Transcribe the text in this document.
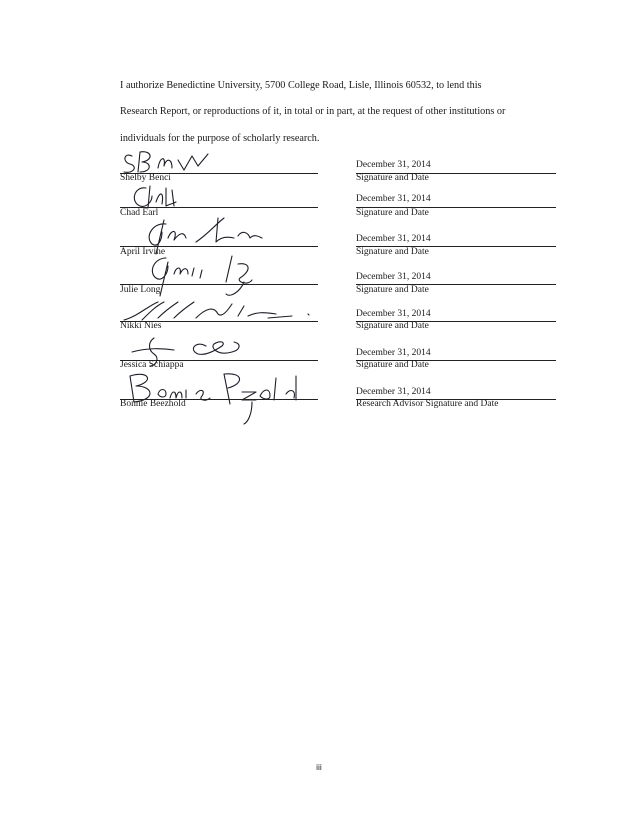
I authorize Benedictine University, 5700 College Road, Lisle, Illinois 60532, to lend this
Research Report, or reproductions of it, in total or in part, at the request of other institutions or
individuals for the purpose of scholarly research.
Shelby Benci
December 31, 2014
Signature and Date
Chad Earl
December 31, 2014
Signature and Date
April Irvine
December 31, 2014
Signature and Date
Julie Long
December 31, 2014
Signature and Date
Nikki Nies
December 31, 2014
Signature and Date
Jessica Schiappa
December 31, 2014
Signature and Date
Bonnie Beezhold
December 31, 2014
Research Advisor Signature and Date
iii
